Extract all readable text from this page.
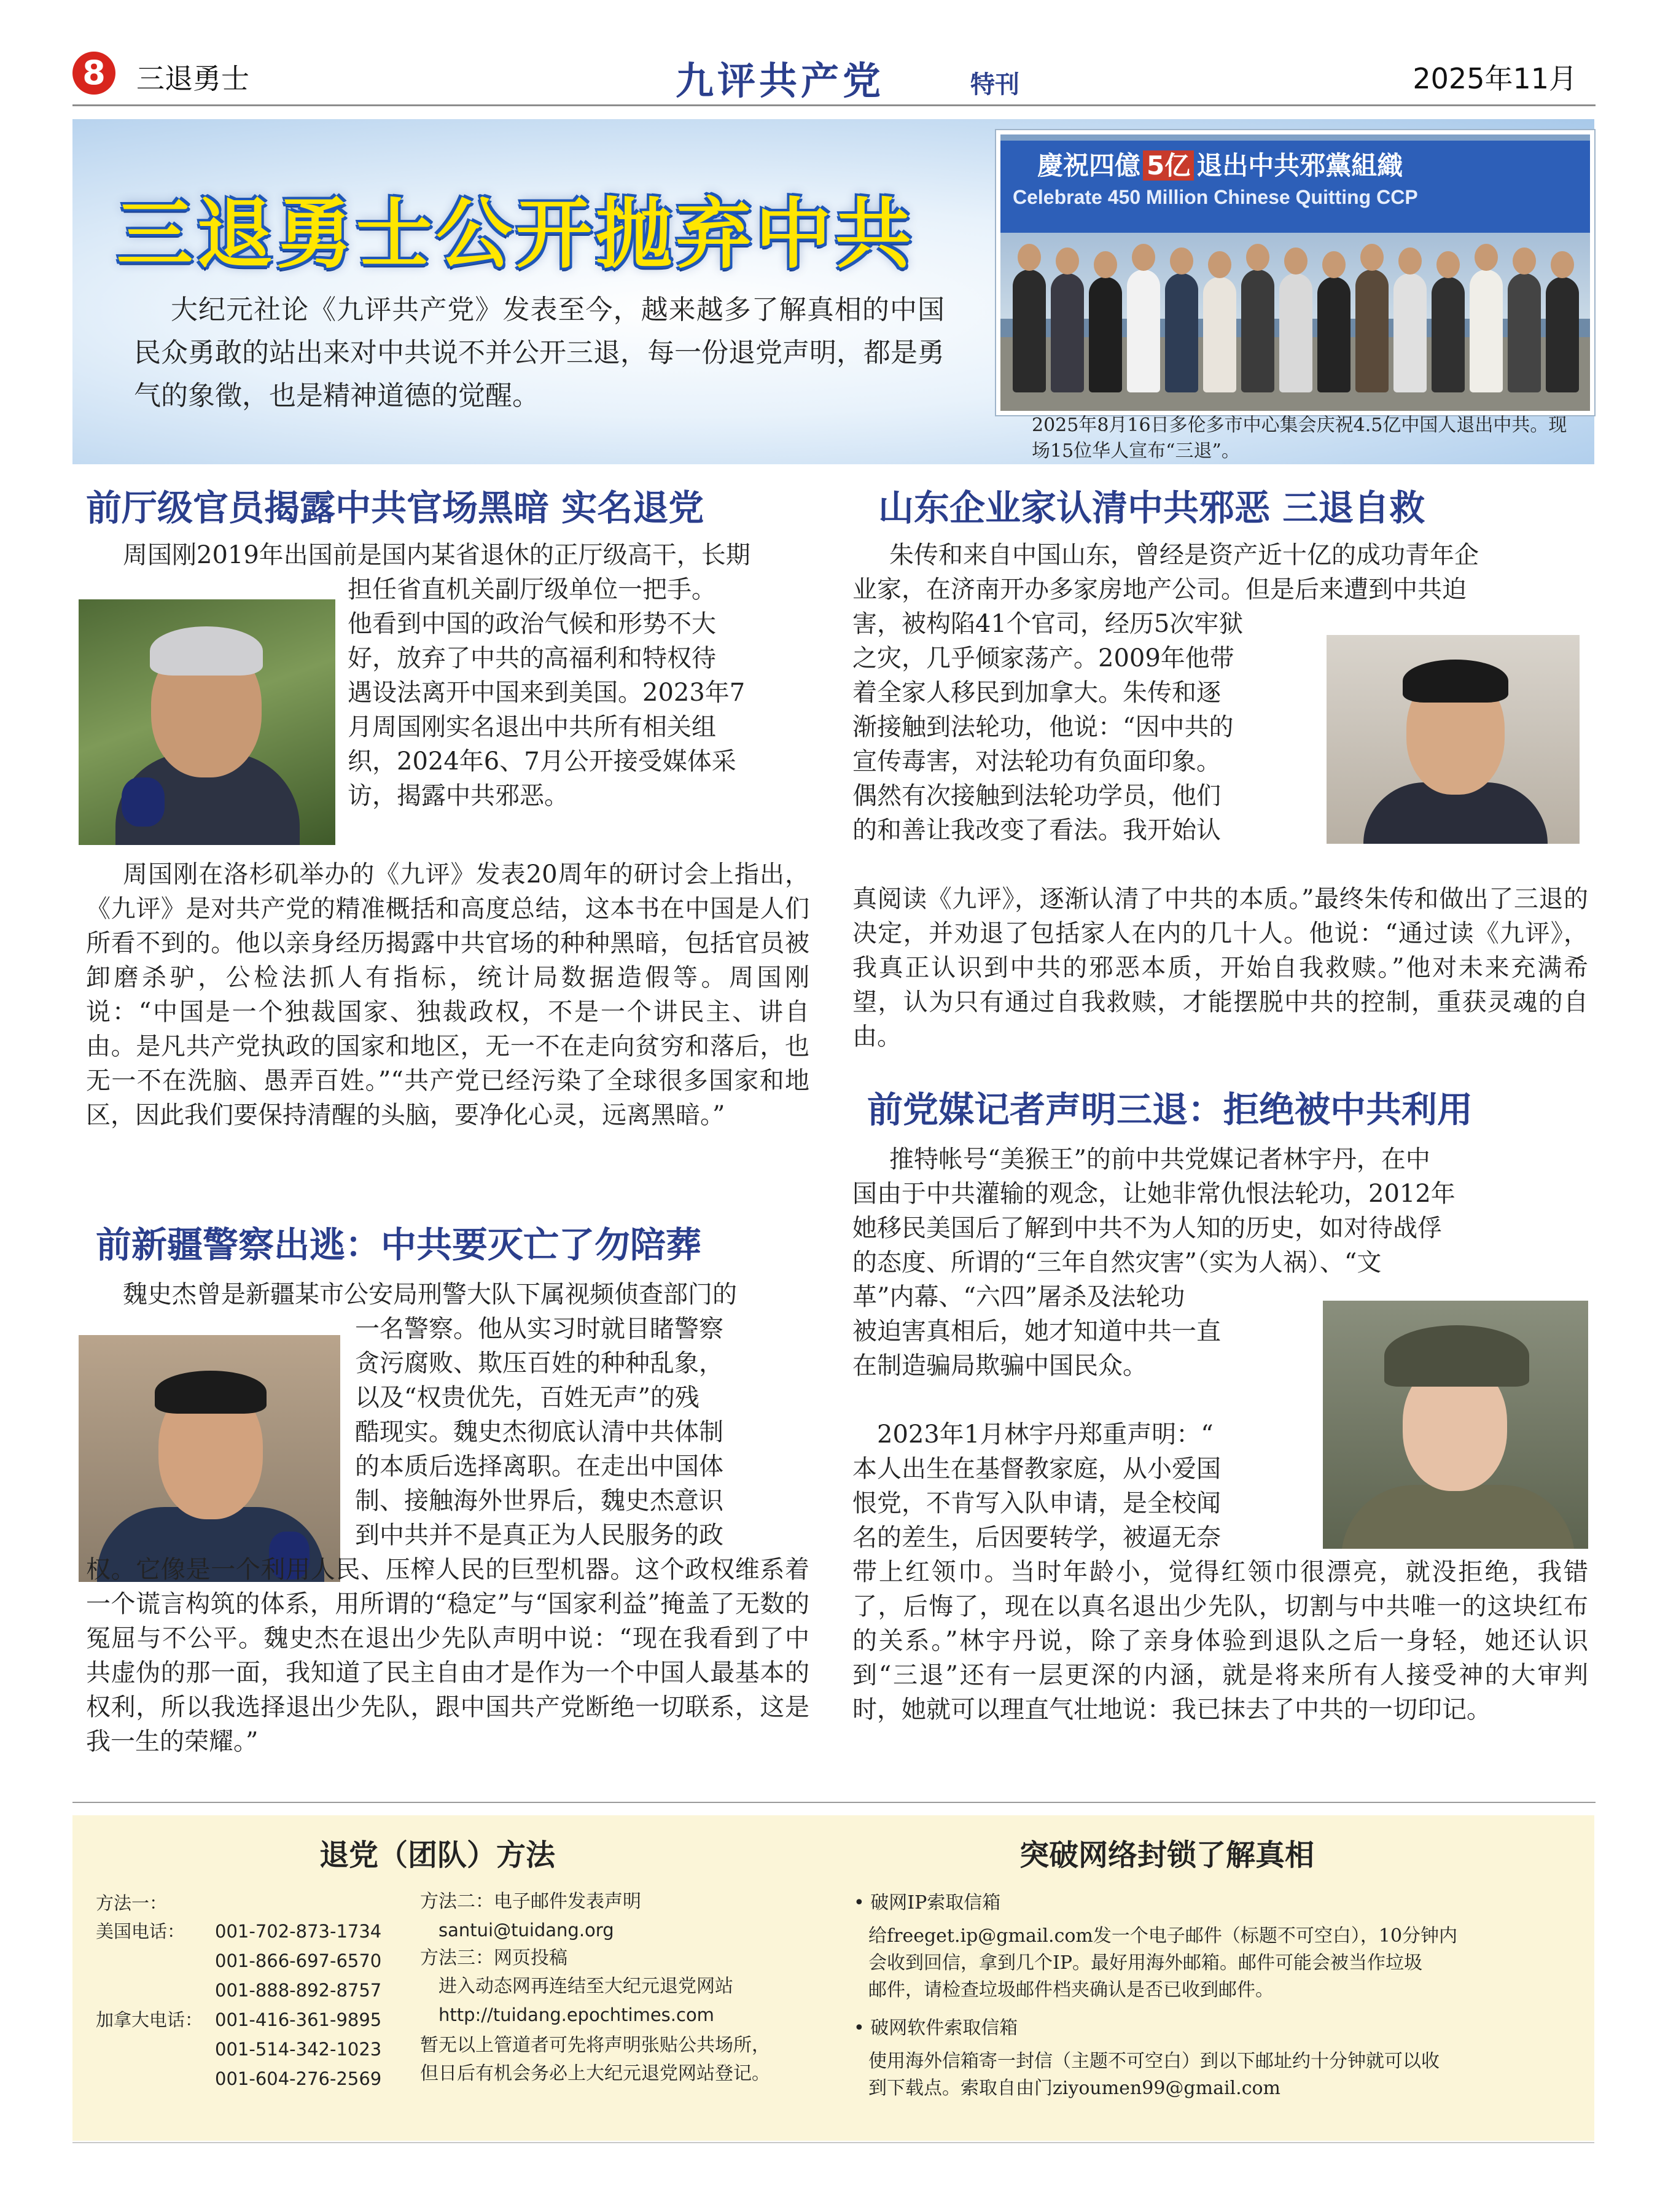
8	三退勇士	九评共产党	特刊	2025年11月
三退勇士公开抛弃中共
大纪元社论《九评共产党》发表至今，越来越多了解真相的中国民众勇敢的站出来对中共说不并公开三退，每一份退党声明，都是勇气的象徵，也是精神道德的觉醒。
慶祝四億 5亿 退出中共邪黨組織
Celebrate 450 Million Chinese Quitting CCP
2025年8月16日多伦多市中心集会庆祝4.5亿中国人退出中共。现场15位华人宣布“三退”。
前厅级官员揭露中共官场黑暗 实名退党
周国刚2019年出国前是国内某省退休的正厅级高干，长期
担任省直机关副厅级单位一把手。
他看到中国的政治气候和形势不大
好，放弃了中共的高福利和特权待
遇设法离开中国来到美国。2023年7
月周国刚实名退出中共所有相关组
织，2024年6、7月公开接受媒体采
访，揭露中共邪恶。
周国刚在洛杉矶举办的《九评》发表20周年的研讨会上指出，《九评》是对共产党的精准概括和高度总结，这本书在中国是人们所看不到的。他以亲身经历揭露中共官场的种种黑暗，包括官员被卸磨杀驴，公检法抓人有指标，统计局数据造假等。周国刚说：“中国是一个独裁国家、独裁政权，不是一个讲民主、讲自由。是凡共产党执政的国家和地区，无一不在走向贫穷和落后，也无一不在洗脑、愚弄百姓。”“共产党已经污染了全球很多国家和地区，因此我们要保持清醒的头脑，要净化心灵，远离黑暗。”
前新疆警察出逃：中共要灭亡了勿陪葬
魏史杰曾是新疆某市公安局刑警大队下属视频侦查部门的
一名警察。他从实习时就目睹警察
贪污腐败、欺压百姓的种种乱象，
以及“权贵优先，百姓无声”的残
酷现实。魏史杰彻底认清中共体制
的本质后选择离职。在走出中国体
制、接触海外世界后，魏史杰意识
到中共并不是真正为人民服务的政
权。它像是一个利用人民、压榨人民的巨型机器。这个政权维系着一个谎言构筑的体系，用所谓的“稳定”与“国家利益”掩盖了无数的冤屈与不公平。魏史杰在退出少先队声明中说：“现在我看到了中共虚伪的那一面，我知道了民主自由才是作为一个中国人最基本的权利，所以我选择退出少先队，跟中国共产党断绝一切联系，这是我一生的荣耀。”
山东企业家认清中共邪恶 三退自救
朱传和来自中国山东，曾经是资产近十亿的成功青年企
业家，在济南开办多家房地产公司。但是后来遭到中共迫
害，被构陷41个官司，经历5次牢狱
之灾，几乎倾家荡产。2009年他带
着全家人移民到加拿大。朱传和逐
渐接触到法轮功，他说：“因中共的
宣传毒害，对法轮功有负面印象。
偶然有次接触到法轮功学员，他们
的和善让我改变了看法。我开始认
真阅读《九评》，逐渐认清了中共的本质。”最终朱传和做出了三退的决定，并劝退了包括家人在内的几十人。他说：“通过读《九评》，我真正认识到中共的邪恶本质，开始自我救赎。”他对未来充满希望，认为只有通过自我救赎，才能摆脱中共的控制，重获灵魂的自由。
前党媒记者声明三退：拒绝被中共利用
推特帐号“美猴王”的前中共党媒记者林宇丹，在中
国由于中共灌输的观念，让她非常仇恨法轮功，2012年
她移民美国后了解到中共不为人知的历史，如对待战俘
的态度、所谓的“三年自然灾害”（实为人祸）、“文
革”内幕、“六四”屠杀及法轮功
被迫害真相后，她才知道中共一直
在制造骗局欺骗中国民众。
　2023年1月林宇丹郑重声明：“
本人出生在基督教家庭，从小爱国
恨党，不肯写入队申请，是全校闻
名的差生，后因要转学，被逼无奈
带上红领巾。当时年龄小，觉得红领巾很漂亮，就没拒绝，我错了，后悔了，现在以真名退出少先队，切割与中共唯一的这块红布的关系。”林宇丹说，除了亲身体验到退队之后一身轻，她还认识到“三退”还有一层更深的内涵，就是将来所有人接受神的大审判时，她就可以理直气壮地说：我已抹去了中共的一切印记。
退党（团队）方法	突破网络封锁了解真相
方法一：
美国电话： 001-702-873-1734
001-866-697-6570
001-888-892-8757
加拿大电话： 001-416-361-9895
001-514-342-1023
001-604-276-2569
方法二：电子邮件发表声明
santui@tuidang.org
方法三：网页投稿
进入动态网再连结至大纪元退党网站
http://tuidang.epochtimes.com
暂无以上管道者可先将声明张贴公共场所，
但日后有机会务必上大纪元退党网站登记。
• 破网IP索取信箱
给freeget.ip@gmail.com发一个电子邮件（标题不可空白），10分钟内
会收到回信，拿到几个IP。最好用海外邮箱。邮件可能会被当作垃圾
邮件，请检查垃圾邮件档夹确认是否已收到邮件。
• 破网软件索取信箱
使用海外信箱寄一封信（主题不可空白）到以下邮址约十分钟就可以收
到下载点。索取自由门ziyoumen99@gmail.com
